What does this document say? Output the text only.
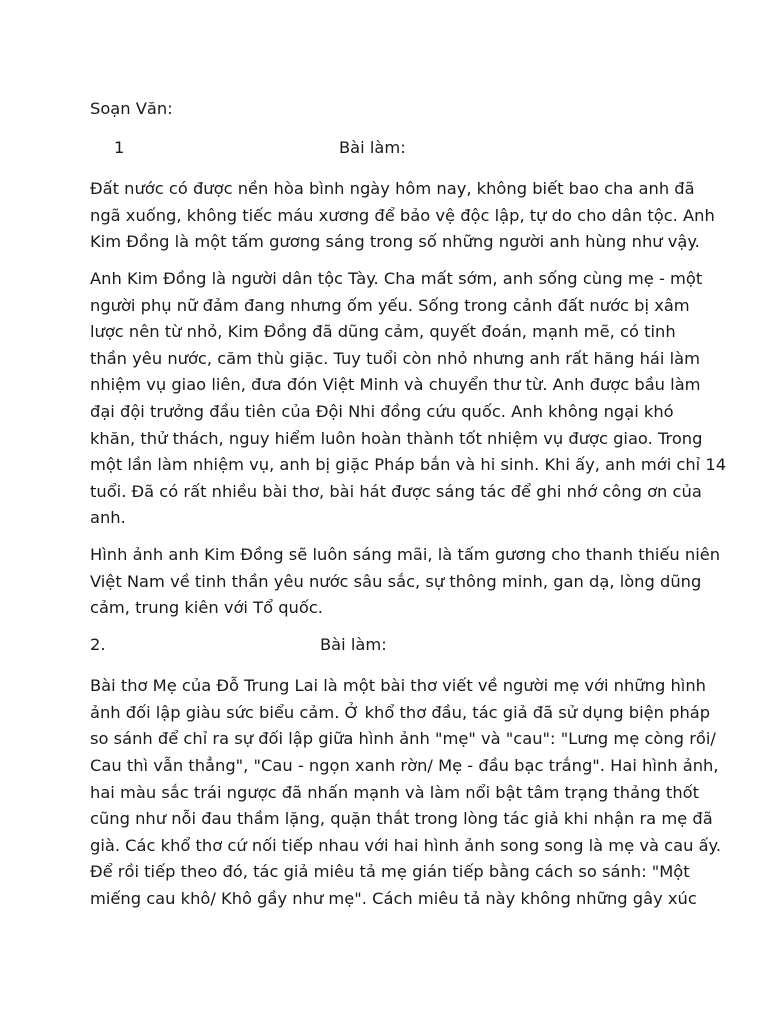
Soạn Văn:
1	Bài làm:

Đất nước có được nền hòa bình ngày hôm nay, không biết bao cha anh đã
ngã xuống, không tiếc máu xương để bảo vệ độc lập, tự do cho dân tộc. Anh
Kim Đồng là một tấm gương sáng trong số những người anh hùng như vậy.

Anh Kim Đồng là người dân tộc Tày. Cha mất sớm, anh sống cùng mẹ - một
người phụ nữ đảm đang nhưng ốm yếu. Sống trong cảnh đất nước bị xâm
lược nên từ nhỏ, Kim Đồng đã dũng cảm, quyết đoán, mạnh mẽ, có tinh
thần yêu nước, căm thù giặc. Tuy tuổi còn nhỏ nhưng anh rất hăng hái làm
nhiệm vụ giao liên, đưa đón Việt Minh và chuyển thư từ. Anh được bầu làm
đại đội trưởng đầu tiên của Đội Nhi đồng cứu quốc. Anh không ngại khó
khăn, thử thách, nguy hiểm luôn hoàn thành tốt nhiệm vụ được giao. Trong
một lần làm nhiệm vụ, anh bị giặc Pháp bắn và hi sinh. Khi ấy, anh mới chỉ 14
tuổi. Đã có rất nhiều bài thơ, bài hát được sáng tác để ghi nhớ công ơn của
anh.

Hình ảnh anh Kim Đồng sẽ luôn sáng mãi, là tấm gương cho thanh thiếu niên
Việt Nam về tinh thần yêu nước sâu sắc, sự thông minh, gan dạ, lòng dũng
cảm, trung kiên với Tổ quốc.

2.	Bài làm:

Bài thơ Mẹ của Đỗ Trung Lai là một bài thơ viết về người mẹ với những hình
ảnh đối lập giàu sức biểu cảm. Ở khổ thơ đầu, tác giả đã sử dụng biện pháp
so sánh để chỉ ra sự đối lập giữa hình ảnh "mẹ" và "cau": "Lưng mẹ còng rồi/
Cau thì vẫn thẳng", "Cau - ngọn xanh rờn/ Mẹ - đầu bạc trắng". Hai hình ảnh,
hai màu sắc trái ngược đã nhấn mạnh và làm nổi bật tâm trạng thảng thốt
cũng như nỗi đau thầm lặng, quặn thắt trong lòng tác giả khi nhận ra mẹ đã
già. Các khổ thơ cứ nối tiếp nhau với hai hình ảnh song song là mẹ và cau ấy.
Để rồi tiếp theo đó, tác giả miêu tả mẹ gián tiếp bằng cách so sánh: "Một
miếng cau khô/ Khô gầy như mẹ". Cách miêu tả này không những gây xúc
